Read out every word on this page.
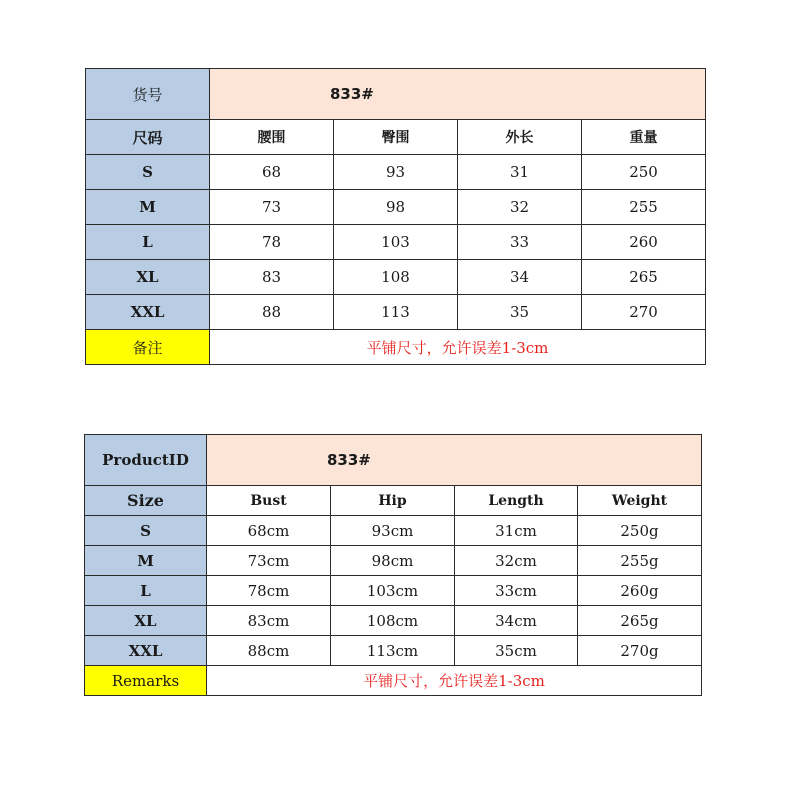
货号	833#			
尺码	腰围	臀围	外长	重量
S	68	93	31	250
M	73	98	32	255
L	78	103	33	260
XL	83	108	34	265
XXL	88	113	35	270
备注	平铺尺寸，允许误差1-3cm			
ProductID	833#			
Size	Bust	Hip	Length	Weight
S	68cm	93cm	31cm	250g
M	73cm	98cm	32cm	255g
L	78cm	103cm	33cm	260g
XL	83cm	108cm	34cm	265g
XXL	88cm	113cm	35cm	270g
Remarks	平铺尺寸，允许误差1-3cm			
